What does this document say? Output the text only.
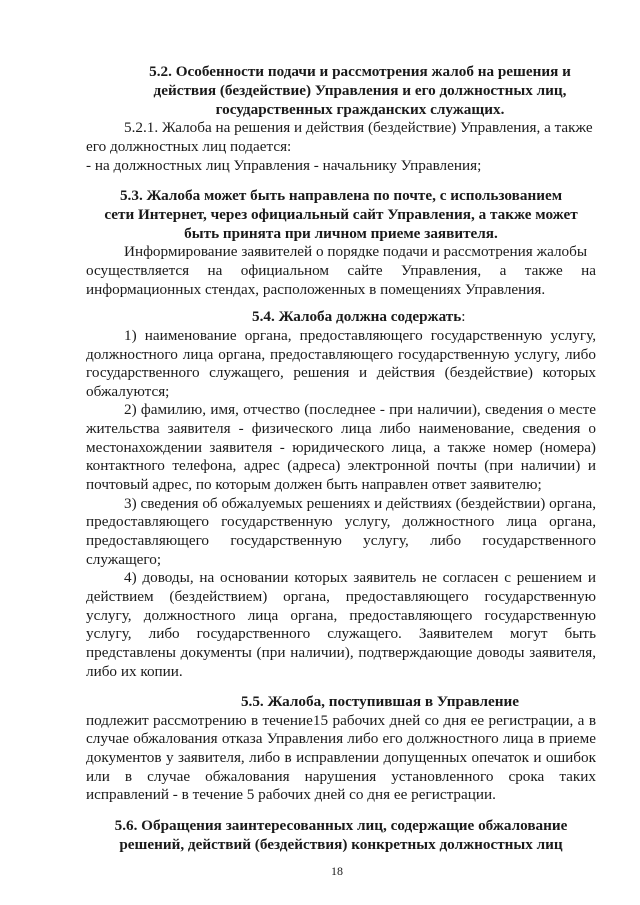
5.2. Особенности подачи и рассмотрения жалоб на решения и
действия (бездействие) Управления и его должностных лиц,
государственных гражданских служащих.
5.2.1. Жалоба на решения и действия (бездействие) Управления, а также
его должностных лиц подается:
- на должностных лиц Управления - начальнику Управления;
5.3. Жалоба может быть направлена по почте, с использованием
сети Интернет, через официальный сайт Управления, а также может
быть принята при личном приеме заявителя.
Информирование заявителей о порядке подачи и рассмотрения жалобы
осуществляется на официальном сайте Управления, а также на
информационных стендах, расположенных в помещениях Управления.
5.4. Жалоба должна содержать:
1) наименование органа, предоставляющего государственную услугу,
должностного лица органа, предоставляющего государственную услугу, либо
государственного служащего, решения и действия (бездействие) которых
обжалуются;
2) фамилию, имя, отчество (последнее - при наличии), сведения о месте
жительства заявителя - физического лица либо наименование, сведения о
местонахождении заявителя - юридического лица, а также номер (номера)
контактного телефона, адрес (адреса) электронной почты (при наличии) и
почтовый адрес, по которым должен быть направлен ответ заявителю;
3) сведения об обжалуемых решениях и действиях (бездействии) органа,
предоставляющего государственную услугу, должностного лица органа,
предоставляющего государственную услугу, либо государственного
служащего;
4) доводы, на основании которых заявитель не согласен с решением и
действием (бездействием) органа, предоставляющего государственную
услугу, должностного лица органа, предоставляющего государственную
услугу, либо государственного служащего. Заявителем могут быть
представлены документы (при наличии), подтверждающие доводы заявителя,
либо их копии.
5.5. Жалоба, поступившая в Управление
подлежит рассмотрению в течение15 рабочих дней со дня ее регистрации, а в
случае обжалования отказа Управления либо его должностного лица в приеме
документов у заявителя, либо в исправлении допущенных опечаток и ошибок
или в случае обжалования нарушения установленного срока таких
исправлений - в течение 5 рабочих дней со дня ее регистрации.
5.6. Обращения заинтересованных лиц, содержащие обжалование
решений, действий (бездействия) конкретных должностных лиц
18
